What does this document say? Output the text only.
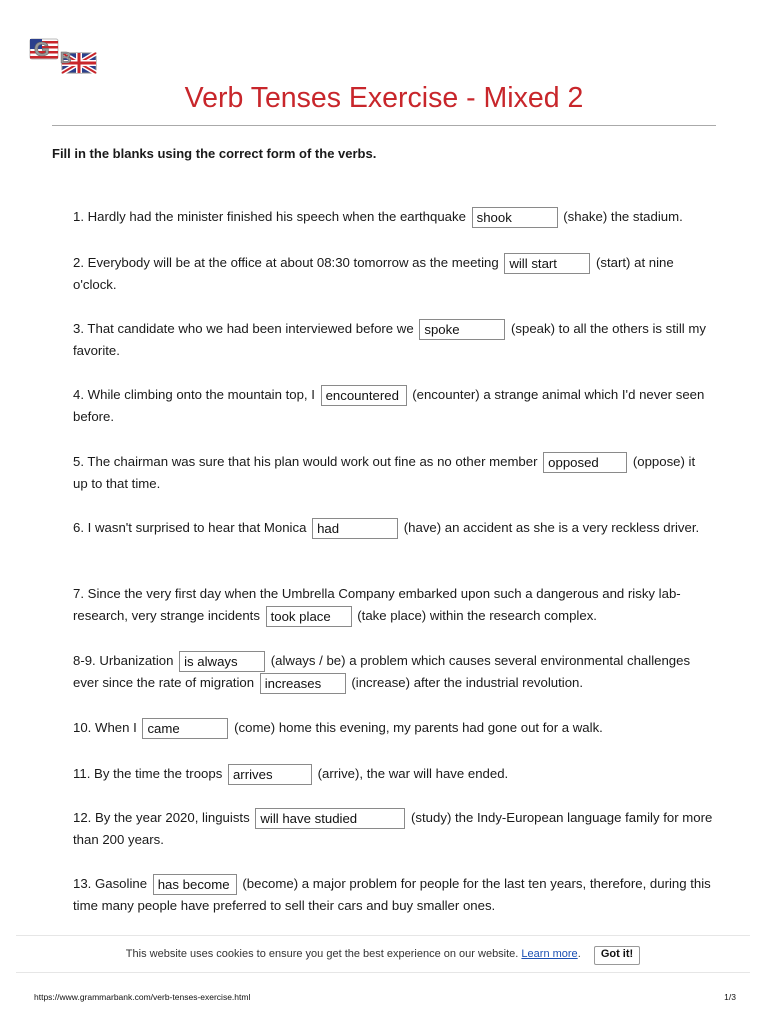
G B
Verb Tenses Exercise - Mixed 2
Fill in the blanks using the correct form of the verbs.

1. Hardly had the minister finished his speech when the earthquake shook	(shake) the stadium.

2. Everybody will be at the office at about 08:30 tomorrow as the meeting will start	(start) at nine o'clock.

3. That candidate who we had been interviewed before we spoke	(speak) to all the others is still my favorite.

4. While climbing onto the mountain top, I encountered (encounter) a strange animal which I'd never seen before.

5. The chairman was sure that his plan would work out fine as no other member opposed	(oppose) it up to that time.

6. I wasn't surprised to hear that Monica had	(have) an accident as she is a very reckless driver.

7. Since the very first day when the Umbrella Company embarked upon such a dangerous and risky lab-research, very strange incidents took place (take place) within the research complex.

8-9. Urbanization is always	(always / be) a problem which causes several environmental challenges ever since the rate of migration increases (increase) after the industrial revolution.

10. When I came	(come) home this evening, my parents had gone out for a walk.

11. By the time the troops arrives	(arrive), the war will have ended.

12. By the year 2020, linguists will have studied	(study) the Indy-European language family for more than 200 years.

13. Gasoline has become (become) a major problem for people for the last ten years, therefore, during this time many people have preferred to sell their cars and buy smaller ones.

This website uses cookies to ensure you get the best experience on our website. Learn more. Got it!
https://www.grammarbank.com/verb-tenses-exercise.html	1/3
